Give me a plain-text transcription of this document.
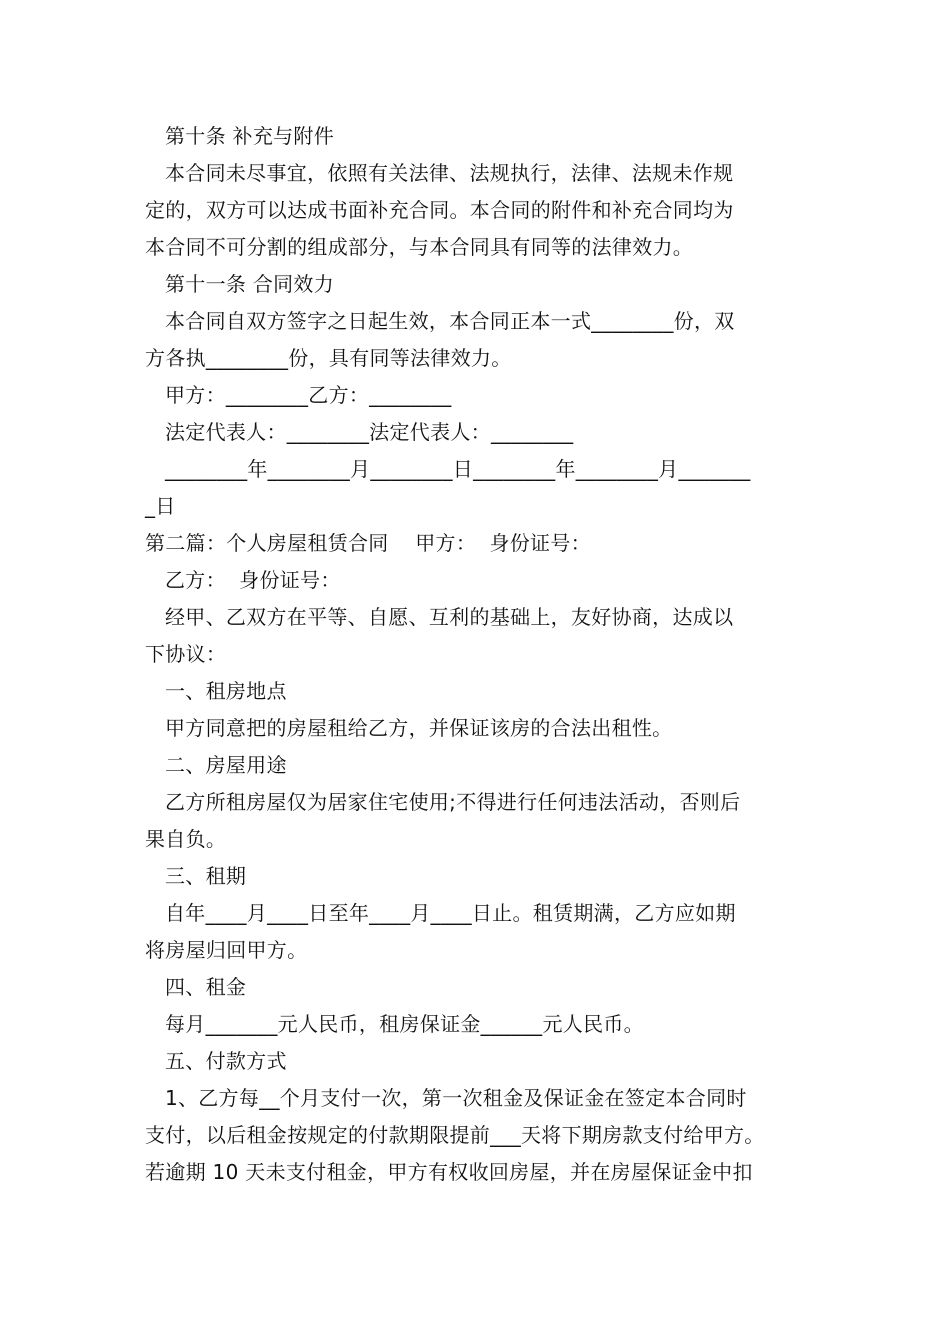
第十条 补充与附件
本合同未尽事宜，依照有关法律、法规执行，法律、法规未作规
定的，双方可以达成书面补充合同。本合同的附件和补充合同均为
本合同不可分割的组成部分，与本合同具有同等的法律效力。
第十一条 合同效力
本合同自双方签字之日起生效，本合同正本一式________份，双
方各执________份，具有同等法律效力。
甲方：________乙方：________
法定代表人：________法定代表人：________
________年________月________日________年________月_______
_日
第二篇：个人房屋租赁合同    甲方：  身份证号：
乙方：  身份证号：
经甲、乙双方在平等、自愿、互利的基础上，友好协商，达成以
下协议：
一、租房地点
甲方同意把的房屋租给乙方，并保证该房的合法出租性。
二、房屋用途
乙方所租房屋仅为居家住宅使用;不得进行任何违法活动，否则后
果自负。
三、租期
自年____月____日至年____月____日止。租赁期满，乙方应如期
将房屋归回甲方。
四、租金
每月_______元人民币，租房保证金______元人民币。
五、付款方式
1、乙方每__个月支付一次，第一次租金及保证金在签定本合同时
支付，以后租金按规定的付款期限提前___天将下期房款支付给甲方。
若逾期 10 天未支付租金，甲方有权收回房屋，并在房屋保证金中扣
